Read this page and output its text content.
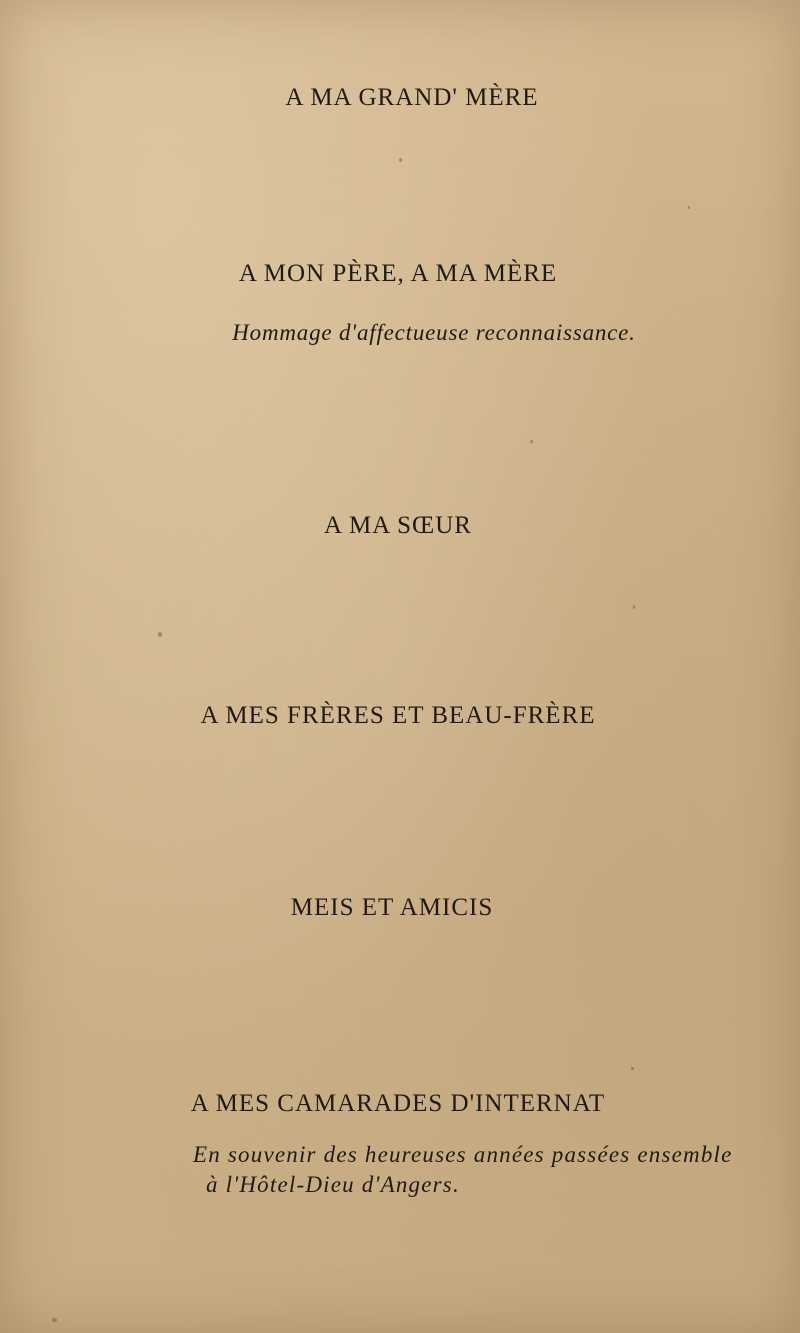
A MA GRAND' MÈRE
A MON PÈRE, A MA MÈRE
Hommage d'affectueuse reconnaissance.
A MA SŒUR
A MES FRÈRES ET BEAU-FRÈRE
MEIS ET AMICIS
A MES CAMARADES D'INTERNAT
En souvenir des heureuses années passées ensemble
à l'Hôtel-Dieu d'Angers.
